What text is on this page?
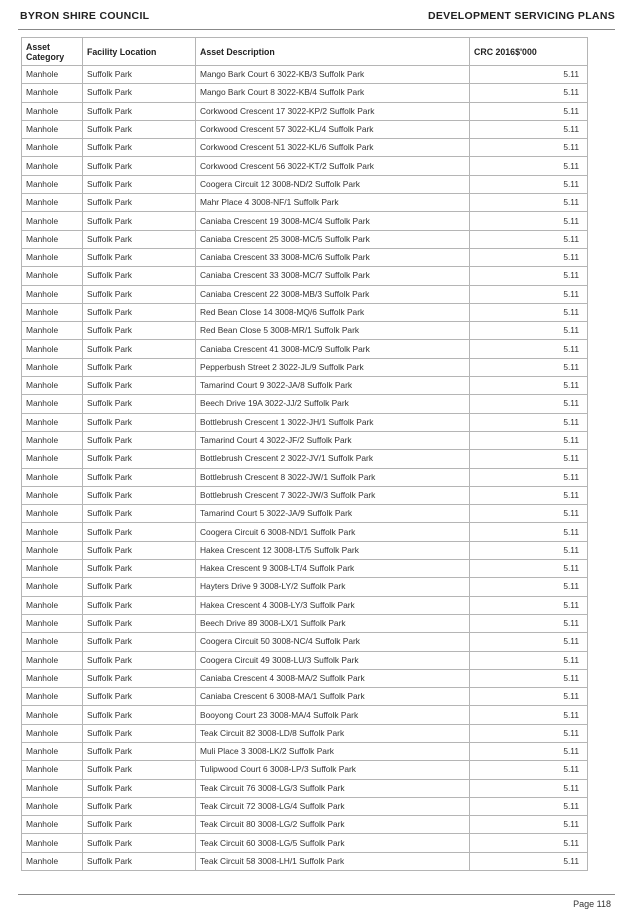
BYRON SHIRE COUNCIL	DEVELOPMENT SERVICING PLANS
Asset
Category	Facility Location	Asset Description	CRC 2016$'000
Manhole	Suffolk Park	Mango Bark Court 6 3022-KB/3 Suffolk Park	5.11
Manhole	Suffolk Park	Mango Bark Court 8 3022-KB/4 Suffolk Park	5.11
Manhole	Suffolk Park	Corkwood Crescent 17 3022-KP/2 Suffolk Park	5.11
Manhole	Suffolk Park	Corkwood Crescent 57 3022-KL/4 Suffolk Park	5.11
Manhole	Suffolk Park	Corkwood Crescent 51 3022-KL/6 Suffolk Park	5.11
Manhole	Suffolk Park	Corkwood Crescent 56 3022-KT/2 Suffolk Park	5.11
Manhole	Suffolk Park	Coogera Circuit 12 3008-ND/2 Suffolk Park	5.11
Manhole	Suffolk Park	Mahr Place 4 3008-NF/1 Suffolk Park	5.11
Manhole	Suffolk Park	Caniaba Crescent 19 3008-MC/4 Suffolk Park	5.11
Manhole	Suffolk Park	Caniaba Crescent 25 3008-MC/5 Suffolk Park	5.11
Manhole	Suffolk Park	Caniaba Crescent 33 3008-MC/6 Suffolk Park	5.11
Manhole	Suffolk Park	Caniaba Crescent 33 3008-MC/7 Suffolk Park	5.11
Manhole	Suffolk Park	Caniaba Crescent 22 3008-MB/3 Suffolk Park	5.11
Manhole	Suffolk Park	Red Bean Close 14 3008-MQ/6 Suffolk Park	5.11
Manhole	Suffolk Park	Red Bean Close 5 3008-MR/1 Suffolk Park	5.11
Manhole	Suffolk Park	Caniaba Crescent 41 3008-MC/9 Suffolk Park	5.11
Manhole	Suffolk Park	Pepperbush Street 2 3022-JL/9 Suffolk Park	5.11
Manhole	Suffolk Park	Tamarind Court 9 3022-JA/8 Suffolk Park	5.11
Manhole	Suffolk Park	Beech Drive 19A 3022-JJ/2 Suffolk Park	5.11
Manhole	Suffolk Park	Bottlebrush Crescent 1 3022-JH/1 Suffolk Park	5.11
Manhole	Suffolk Park	Tamarind Court 4 3022-JF/2 Suffolk Park	5.11
Manhole	Suffolk Park	Bottlebrush Crescent 2 3022-JV/1 Suffolk Park	5.11
Manhole	Suffolk Park	Bottlebrush Crescent 8 3022-JW/1 Suffolk Park	5.11
Manhole	Suffolk Park	Bottlebrush Crescent 7 3022-JW/3 Suffolk Park	5.11
Manhole	Suffolk Park	Tamarind Court 5 3022-JA/9 Suffolk Park	5.11
Manhole	Suffolk Park	Coogera Circuit 6 3008-ND/1 Suffolk Park	5.11
Manhole	Suffolk Park	Hakea Crescent 12 3008-LT/5 Suffolk Park	5.11
Manhole	Suffolk Park	Hakea Crescent 9 3008-LT/4 Suffolk Park	5.11
Manhole	Suffolk Park	Hayters Drive 9 3008-LY/2 Suffolk Park	5.11
Manhole	Suffolk Park	Hakea Crescent 4 3008-LY/3 Suffolk Park	5.11
Manhole	Suffolk Park	Beech Drive 89 3008-LX/1 Suffolk Park	5.11
Manhole	Suffolk Park	Coogera Circuit 50 3008-NC/4 Suffolk Park	5.11
Manhole	Suffolk Park	Coogera Circuit 49 3008-LU/3 Suffolk Park	5.11
Manhole	Suffolk Park	Caniaba Crescent 4 3008-MA/2 Suffolk Park	5.11
Manhole	Suffolk Park	Caniaba Crescent 6 3008-MA/1 Suffolk Park	5.11
Manhole	Suffolk Park	Booyong Court 23 3008-MA/4 Suffolk Park	5.11
Manhole	Suffolk Park	Teak Circuit 82 3008-LD/8 Suffolk Park	5.11
Manhole	Suffolk Park	Muli Place 3 3008-LK/2 Suffolk Park	5.11
Manhole	Suffolk Park	Tulipwood Court 6 3008-LP/3 Suffolk Park	5.11
Manhole	Suffolk Park	Teak Circuit 76 3008-LG/3 Suffolk Park	5.11
Manhole	Suffolk Park	Teak Circuit 72 3008-LG/4 Suffolk Park	5.11
Manhole	Suffolk Park	Teak Circuit 80 3008-LG/2 Suffolk Park	5.11
Manhole	Suffolk Park	Teak Circuit 60 3008-LG/5 Suffolk Park	5.11
Manhole	Suffolk Park	Teak Circuit 58 3008-LH/1 Suffolk Park	5.11
Page 118
